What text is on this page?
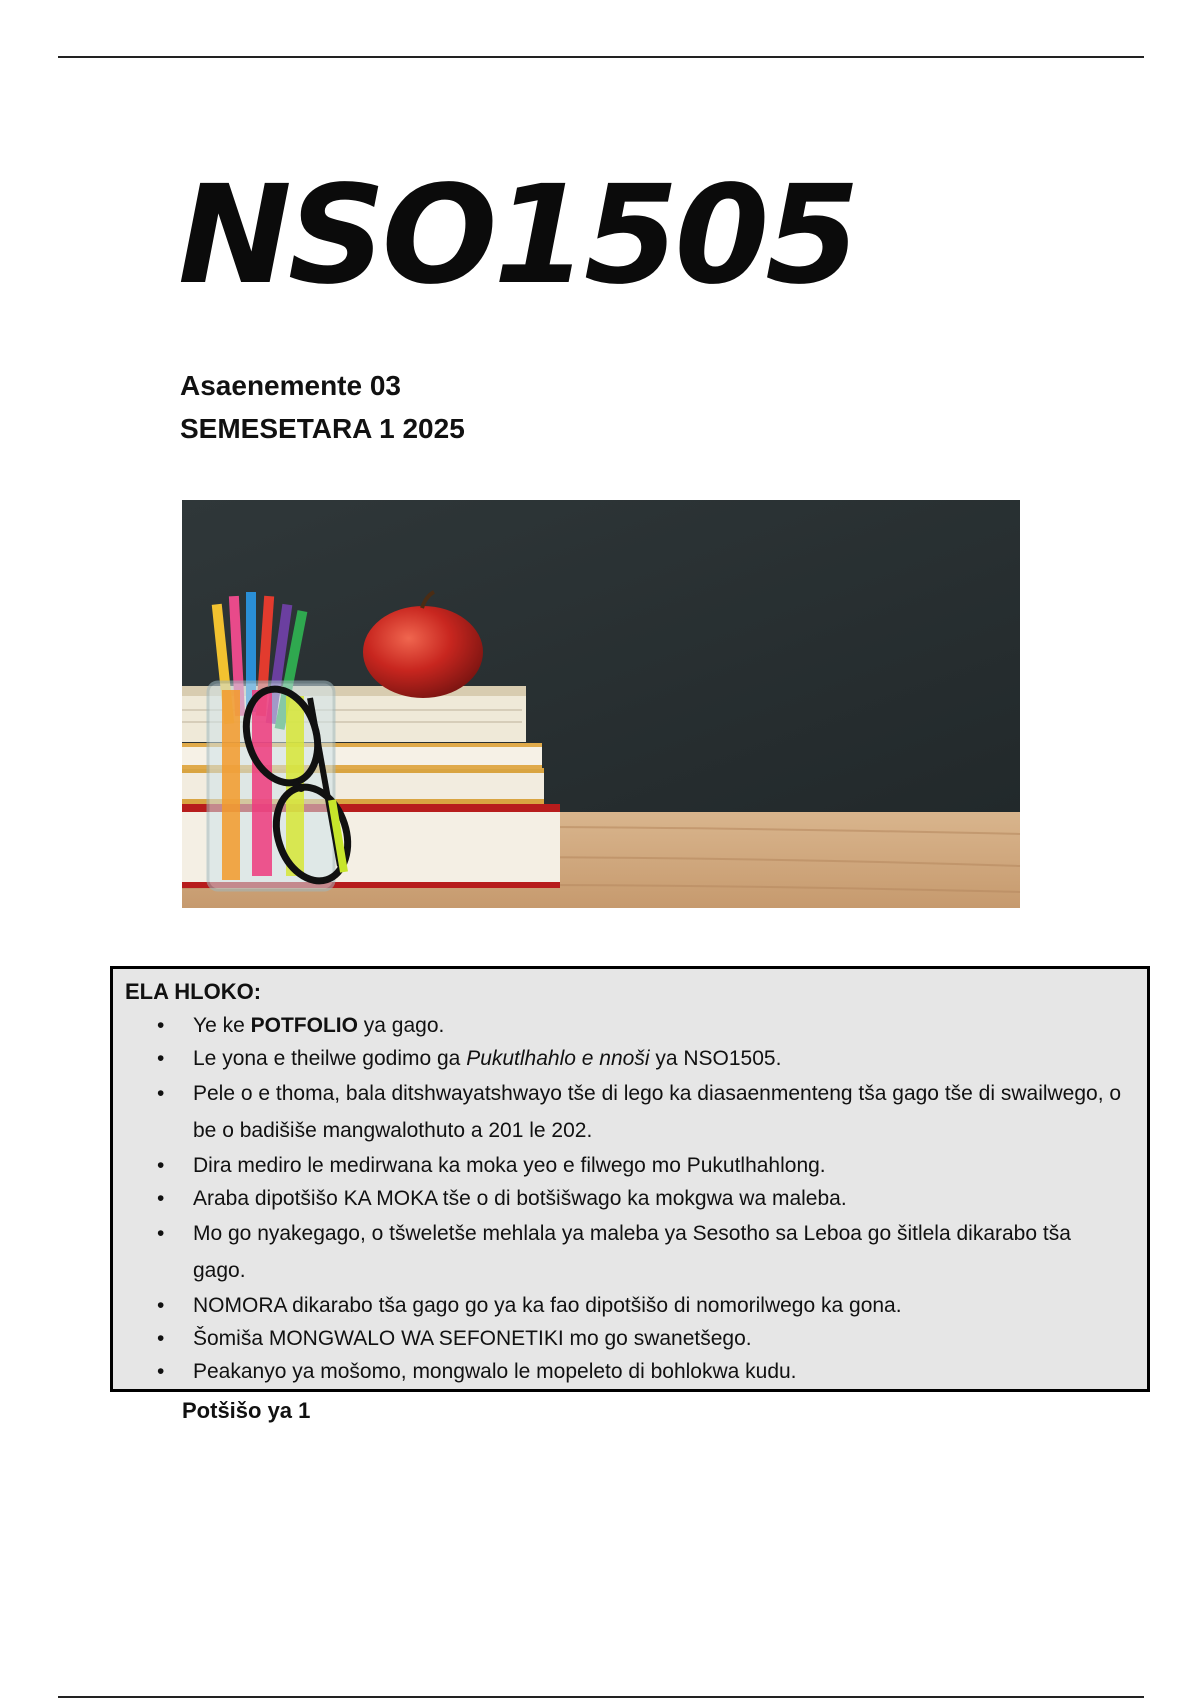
NSO1505

Asaenemente 03

SEMESETARA 1 2025

ELA HLOKO:

• Ye ke POTFOLIO ya gago.
• Le yona e theilwe godimo ga Pukutlhahlo e nnoši ya NSO1505.
• Pele o e thoma, bala ditshwayatshwayo tše di lego ka diasaenmenteng tša gago tše di swailwego, o be o badišiše mangwalothuto a 201 le 202.
• Dira mediro le medirwana ka moka yeo e filwego mo Pukutlhahlong.
• Araba dipotšišo KA MOKA tše o di botšišwago ka mokgwa wa maleba.
• Mo go nyakegago, o tšweletše mehlala ya maleba ya Sesotho sa Leboa go šitlela dikarabo tša gago.
• NOMORA dikarabo tša gago go ya ka fao dipotšišo di nomorilwego ka gona.
• Šomiša MONGWALO WA SEFONETIKI mo go swanetšego.
• Peakanyo ya mošomo, mongwalo le mopeleto di bohlokwa kudu.

Potšišo ya 1
